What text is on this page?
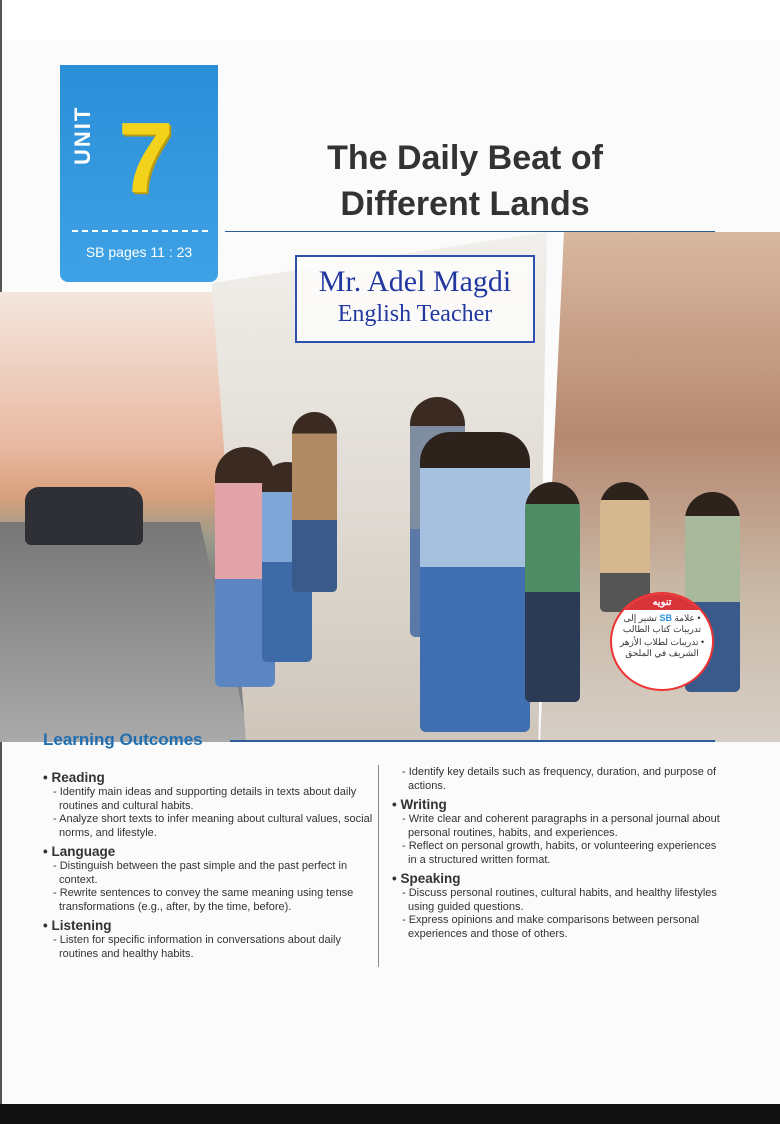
UNIT 7
SB pages 11 : 23
The Daily Beat of
Different Lands
Mr. Adel Magdi
English Teacher
تنويه
• علامة SB تشير إلى تدريبات كتاب الطالب
• تدريبات لطلاب الأزهر الشريف في الملحق
Learning Outcomes
• Reading
- Identify main ideas and supporting details in texts about daily routines and cultural habits.
- Analyze short texts to infer meaning about cultural values, social norms, and lifestyle.
• Language
- Distinguish between the past simple and the past perfect in context.
- Rewrite sentences to convey the same meaning using tense transformations (e.g., after, by the time, before).
• Listening
- Listen for specific information in conversations about daily routines and healthy habits.
- Identify key details such as frequency, duration, and purpose of actions.
• Writing
- Write clear and coherent paragraphs in a personal journal about personal routines, habits, and experiences.
- Reflect on personal growth, habits, or volunteering experiences in a structured written format.
• Speaking
- Discuss personal routines, cultural habits, and healthy lifestyles using guided questions.
- Express opinions and make comparisons between personal experiences and those of others.
